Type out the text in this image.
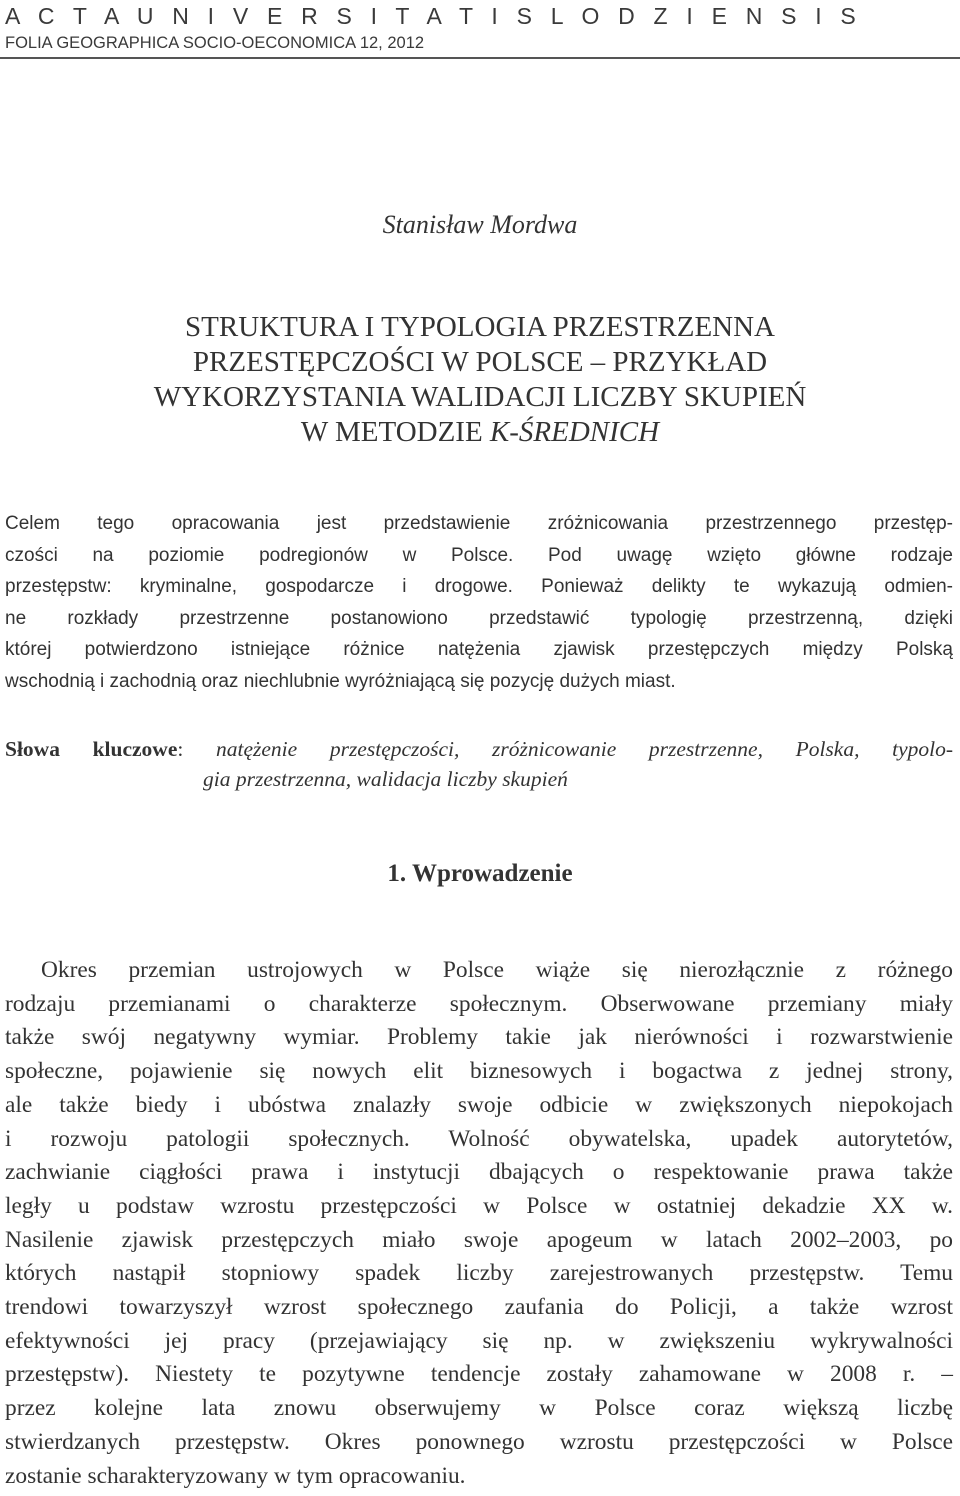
A C T A U N I V E R S I T A T I S L O D Z I E N S I S
FOLIA GEOGRAPHICA SOCIO-OECONOMICA 12, 2012
Stanisław Mordwa
STRUKTURA I TYPOLOGIA PRZESTRZENNA
PRZESTĘPCZOŚCI W POLSCE – PRZYKŁAD
WYKORZYSTANIA WALIDACJI LICZBY SKUPIEŃ
W METODZIE K-ŚREDNICH
Celem tego opracowania jest przedstawienie zróżnicowania przestrzennego przestęp-
czości na poziomie podregionów w Polsce. Pod uwagę wzięto główne rodzaje
przestępstw: kryminalne, gospodarcze i drogowe. Ponieważ delikty te wykazują odmien-
ne rozkłady przestrzenne postanowiono przedstawić typologię przestrzenną, dzięki
której potwierdzono istniejące różnice natężenia zjawisk przestępczych między Polską
wschodnią i zachodnią oraz niechlubnie wyróżniającą się pozycję dużych miast.
Słowa kluczowe: natężenie przestępczości, zróżnicowanie przestrzenne, Polska, typolo-
gia przestrzenna, walidacja liczby skupień
1. Wprowadzenie
Okres przemian ustrojowych w Polsce wiąże się nierozłącznie z różnego
rodzaju przemianami o charakterze społecznym. Obserwowane przemiany miały
także swój negatywny wymiar. Problemy takie jak nierówności i rozwarstwienie
społeczne, pojawienie się nowych elit biznesowych i bogactwa z jednej strony,
ale także biedy i ubóstwa znalazły swoje odbicie w zwiększonych niepokojach
i rozwoju patologii społecznych. Wolność obywatelska, upadek autorytetów,
zachwianie ciągłości prawa i instytucji dbających o respektowanie prawa także
legły u podstaw wzrostu przestępczości w Polsce w ostatniej dekadzie XX w.
Nasilenie zjawisk przestępczych miało swoje apogeum w latach 2002–2003, po
których nastąpił stopniowy spadek liczby zarejestrowanych przestępstw. Temu
trendowi towarzyszył wzrost społecznego zaufania do Policji, a także wzrost
efektywności jej pracy (przejawiający się np. w zwiększeniu wykrywalności
przestępstw). Niestety te pozytywne tendencje zostały zahamowane w 2008 r. –
przez kolejne lata znowu obserwujemy w Polsce coraz większą liczbę
stwierdzanych przestępstw. Okres ponownego wzrostu przestępczości w Polsce
zostanie scharakteryzowany w tym opracowaniu.
